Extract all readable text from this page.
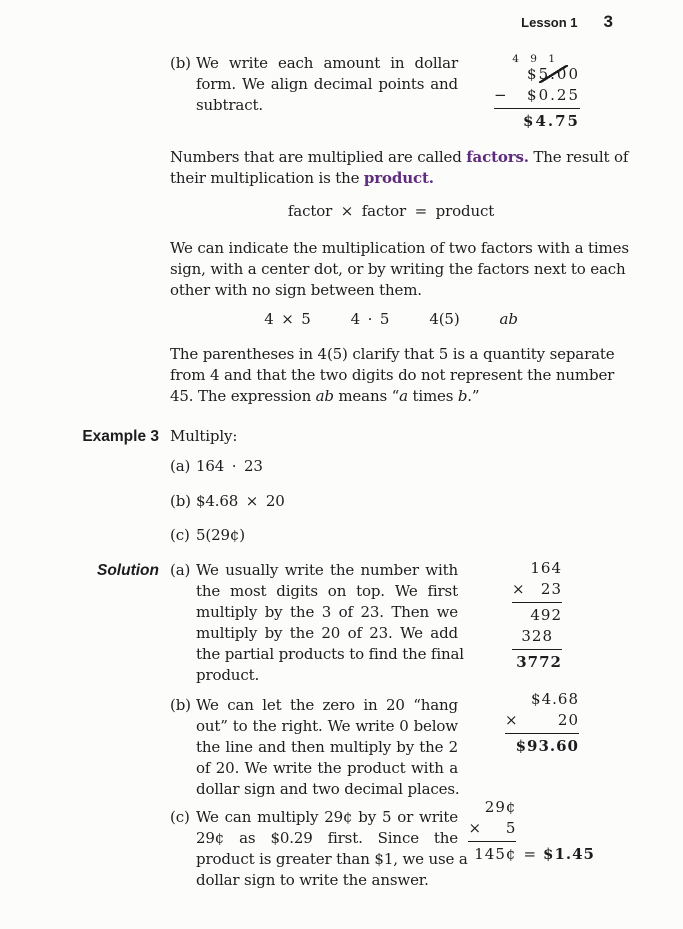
Lesson 1 3
(b) We write each amount in dollar
form. We align decimal points and
subtract.
4 9 1
$5.00
− $0.25
$4.75
Numbers that are multiplied are called factors. The result of
their multiplication is the product.
factor × factor = product
We can indicate the multiplication of two factors with a times
sign, with a center dot, or by writing the factors next to each
other with no sign between them.
4 × 5	4 · 5	4(5)	ab
The parentheses in 4(5) clarify that 5 is a quantity separate
from 4 and that the two digits do not represent the number
45. The expression ab means “a times b.”
Example 3 Multiply:
(a) 164 · 23
(b) $4.68 × 20
(c) 5(29¢)
Solution (a) We usually write the number with
the most digits on top. We first
multiply by the 3 of 23. Then we
multiply by the 20 of 23. We add
the partial products to find the final
product.
164
× 23
492
328
3772
(b) We can let the zero in 20 “hang
out” to the right. We write 0 below
the line and then multiply by the 2
of 20. We write the product with a
dollar sign and two decimal places.
$4.68
×	20
$93.60
(c) We can multiply 29¢ by 5 or write
29¢ as $0.29 first. Since the
product is greater than $1, we use a
dollar sign to write the answer.
29¢
× 5
145¢ = $1.45
